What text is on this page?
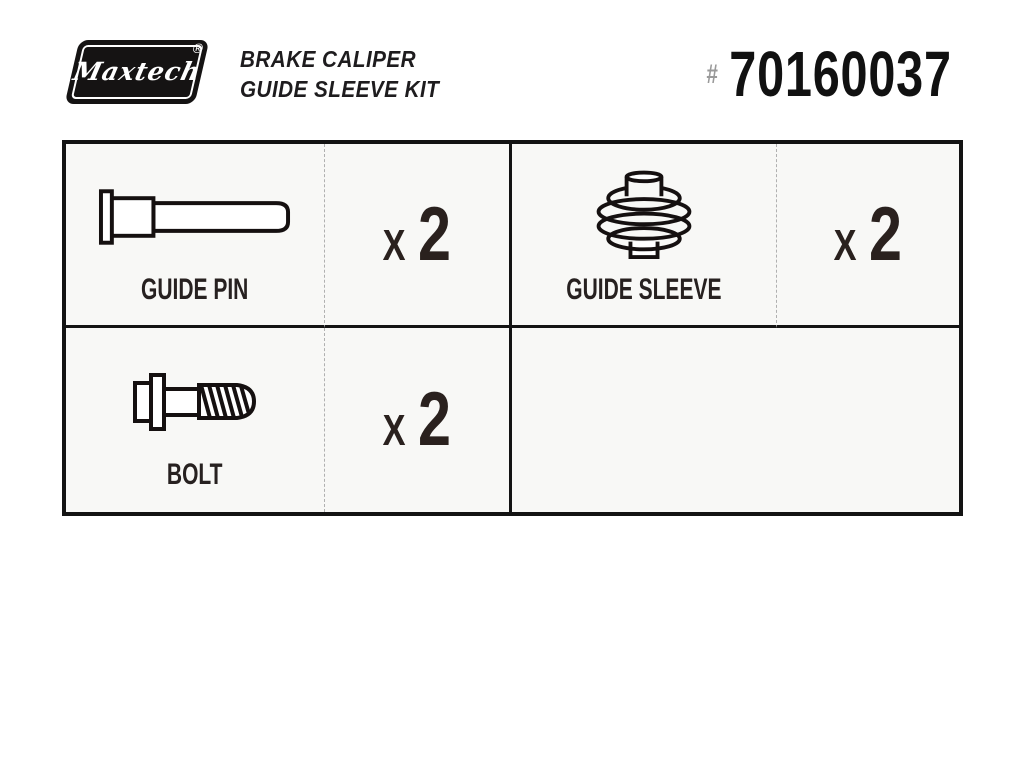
Maxtech
® BRAKE CALIPER
GUIDE SLEEVE KIT
# 70160037
GUIDE PIN
X 2
GUIDE SLEEVE
X 2
BOLT
X 2
